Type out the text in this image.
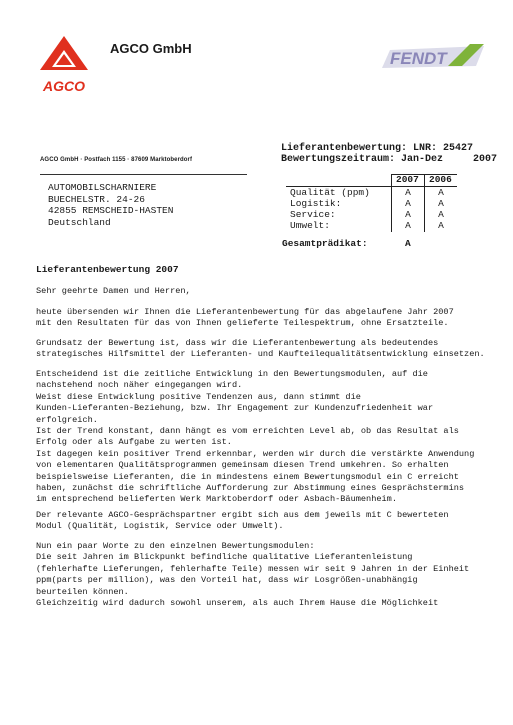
AGCO
AGCO GmbH
FENDT
AGCO GmbH · Postfach 1155 · 87609 Marktoberdorf
Lieferantenbewertung: LNR: 25427
Bewertungszeitraum: Jan-Dez	2007
AUTOMOBILSCHARNIERE
BUECHELSTR. 24-26
42855 REMSCHEID-HASTEN
Deutschland
2007 2006
Qualität (ppm)	A	A
Logistik:	A	A
Service:	A	A
Umwelt:	A	A
Gesamtprädikat:	A
Lieferantenbewertung 2007
Sehr geehrte Damen und Herren,
heute übersenden wir Ihnen die Lieferantenbewertung für das abgelaufene Jahr 2007
mit den Resultaten für das von Ihnen gelieferte Teilespektrum, ohne Ersatzteile.
Grundsatz der Bewertung ist, dass wir die Lieferantenbewertung als bedeutendes
strategisches Hilfsmittel der Lieferanten- und Kaufteilequalitätsentwicklung einsetzen.
Entscheidend ist die zeitliche Entwicklung in den Bewertungsmodulen, auf die
nachstehend noch näher eingegangen wird.
Weist diese Entwicklung positive Tendenzen aus, dann stimmt die
Kunden-Lieferanten-Beziehung, bzw. Ihr Engagement zur Kundenzufriedenheit war
erfolgreich.
Ist der Trend konstant, dann hängt es vom erreichten Level ab, ob das Resultat als
Erfolg oder als Aufgabe zu werten ist.
Ist dagegen kein positiver Trend erkennbar, werden wir durch die verstärkte Anwendung
von elementaren Qualitätsprogrammen gemeinsam diesen Trend umkehren. So erhalten
beispielsweise Lieferanten, die in mindestens einem Bewertungsmodul ein C erreicht
haben, zunächst die schriftliche Aufforderung zur Abstimmung eines Gesprächstermins
im entsprechend belieferten Werk Marktoberdorf oder Asbach-Bäumenheim.
Der relevante AGCO-Gesprächspartner ergibt sich aus dem jeweils mit C bewerteten
Modul (Qualität, Logistik, Service oder Umwelt).
Nun ein paar Worte zu den einzelnen Bewertungsmodulen:
Die seit Jahren im Blickpunkt befindliche qualitative Lieferantenleistung
(fehlerhafte Lieferungen, fehlerhafte Teile) messen wir seit 9 Jahren in der Einheit
ppm(parts per million), was den Vorteil hat, dass wir Losgrößen-unabhängig
beurteilen können.
Gleichzeitig wird dadurch sowohl unserem, als auch Ihrem Hause die Möglichkeit
